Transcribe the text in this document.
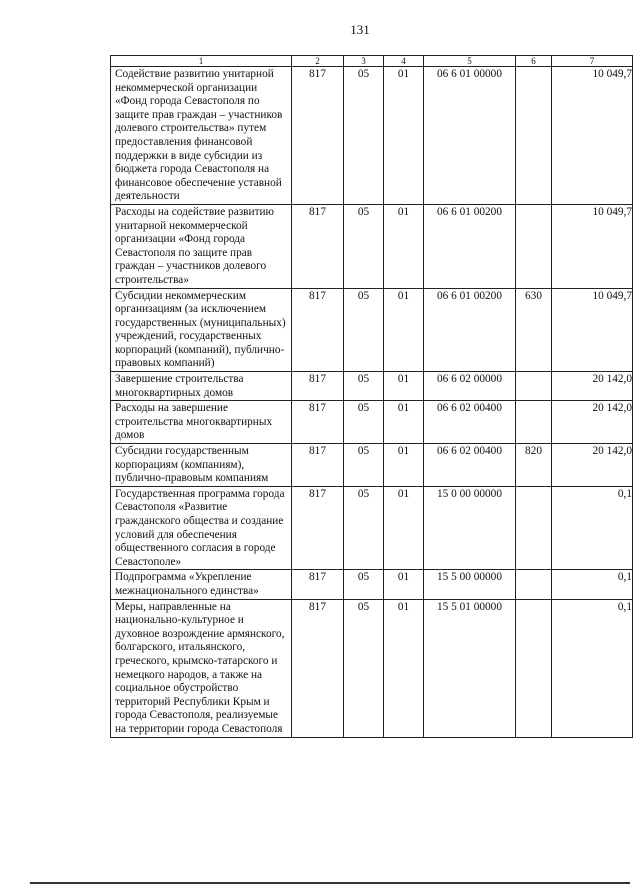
131
1	2	3	4	5	6	7
Содействие развитию унитарной некоммерческой организации «Фонд города Севастополя по защите прав граждан – участников долевого строительства» путем предоставления финансовой поддержки в виде субсидии из бюджета города Севастополя на финансовое обеспечение уставной деятельности	817	05	01	06 6 01 00000		10 049,7
Расходы на содействие развитию унитарной некоммерческой организации «Фонд города Севастополя по защите прав граждан – участников долевого строительства»	817	05	01	06 6 01 00200		10 049,7
Субсидии некоммерческим организациям (за исключением государственных (муниципальных) учреждений, государственных корпораций (компаний), публично-правовых компаний)	817	05	01	06 6 01 00200	630	10 049,7
Завершение строительства многоквартирных домов	817	05	01	06 6 02 00000		20 142,0
Расходы на завершение строительства многоквартирных домов	817	05	01	06 6 02 00400		20 142,0
Субсидии государственным корпорациям (компаниям), публично-правовым компаниям	817	05	01	06 6 02 00400	820	20 142,0
Государственная программа города Севастополя «Развитие гражданского общества и создание условий для обеспечения общественного согласия в городе Севастополе»	817	05	01	15 0 00 00000		0,1
Подпрограмма «Укрепление межнационального единства»	817	05	01	15 5 00 00000		0,1
Меры, направленные на национально-культурное и духовное возрождение армянского, болгарского, итальянского, греческого, крымско-татарского и немецкого народов, а также на социальное обустройство территорий Республики Крым и города Севастополя, реализуемые на территории города Севастополя	817	05	01	15 5 01 00000		0,1
